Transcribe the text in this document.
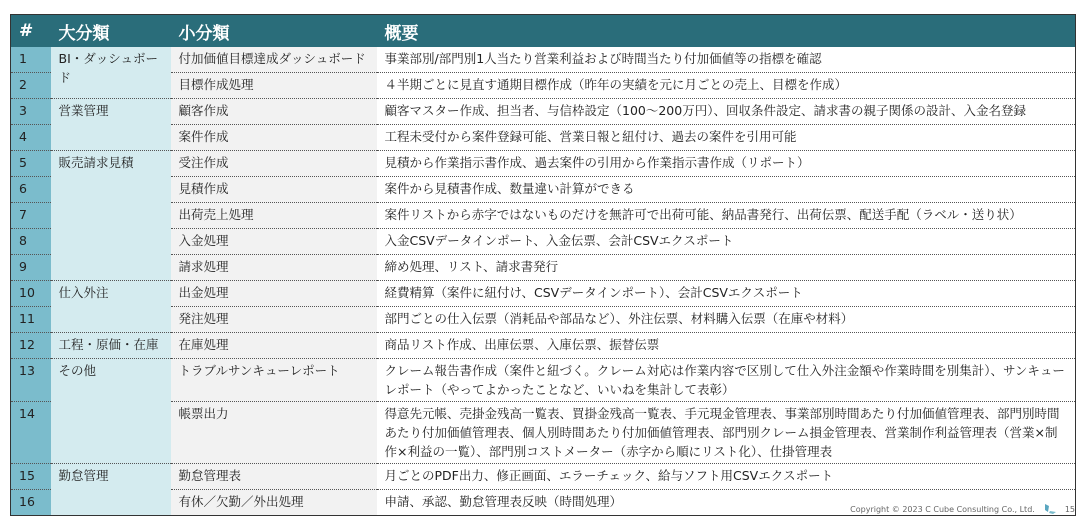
#	大分類	小分類	概要
1	BI・ダッシュボード	付加価値目標達成ダッシュボード	事業部別/部門別1人当たり営業利益および時間当たり付加価値等の指標を確認
2		目標作成処理	４半期ごとに見直す通期目標作成（昨年の実績を元に月ごとの売上、目標を作成）
3	営業管理	顧客作成	顧客マスター作成、担当者、与信枠設定（100～200万円）、回収条件設定、請求書の親子関係の設計、入金名登録
4		案件作成	工程未受付から案件登録可能、営業日報と紐付け、過去の案件を引用可能
5	販売請求見積	受注作成	見積から作業指示書作成、過去案件の引用から作業指示書作成（リポート）
6		見積作成	案件から見積書作成、数量違い計算ができる
7		出荷売上処理	案件リストから赤字ではないものだけを無許可で出荷可能、納品書発行、出荷伝票、配送手配（ラベル・送り状）
8		入金処理	入金CSVデータインポート、入金伝票、会計CSVエクスポート
9		請求処理	締め処理、リスト、請求書発行
10	仕入外注	出金処理	経費精算（案件に紐付け、CSVデータインポート）、会計CSVエクスポート
11		発注処理	部門ごとの仕入伝票（消耗品や部品など）、外注伝票、材料購入伝票（在庫や材料）
12	工程・原価・在庫	在庫処理	商品リスト作成、出庫伝票、入庫伝票、振替伝票
13	その他	トラブルサンキューレポート	クレーム報告書作成（案件と紐づく。クレーム対応は作業内容で区別して仕入外注金額や作業時間を別集計）、サンキューレポート（やってよかったことなど、いいねを集計して表彰）
14		帳票出力	得意先元帳、売掛金残高一覧表、買掛金残高一覧表、手元現金管理表、事業部別時間あたり付加価値管理表、部門別時間あたり付加価値管理表、個人別時間あたり付加価値管理表、部門別クレーム損金管理表、営業制作利益管理表（営業×制作×利益の一覧）、部門別コストメーター（赤字から順にリスト化）、仕掛管理表
15	勤怠管理	勤怠管理表	月ごとのPDF出力、修正画面、エラーチェック、給与ソフト用CSVエクスポート
16		有休／欠勤／外出処理	申請、承認、勤怠管理表反映（時間処理）	Copyright © 2023 C Cube Consulting Co., Ltd.	15
